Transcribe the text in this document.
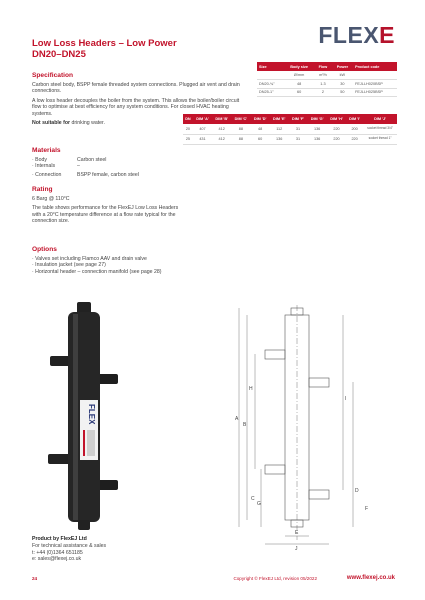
FLEXE
Low Loss Headers – Low Power
DN20–DN25
Specification
Carbon steel body, BSPP female threaded system connections. Plugged air vent and drain connections.
A low loss header decouples the boiler from the system. This allows the boiler/boiler circuit flow to optimise at best efficiency for any system conditions. For closed HVAC heating systems.
Not suitable for drinking water.
Materials
· Body	Carbon steel
· Internals	–
· Connection	BSPP female, carbon steel
Rating
6 Barg @ 110°C
The table shows performance for the FlexEJ Low Loss Headers with a 20°C temperature difference at a flow rate typical for the connection size.
Options
· Valves set including Flamco AAV and drain valve
· Insulation jacket (see page 27)
· Horizontal header – connection manifold (see page 28)
Size	Body size	Flow	Power	Product code
	Ø/mm	m³/h	kW	
DN20-¾"	48	1.3	30	FEJLLH020BSP
DN25-1"	60	2	50	FEJLLH025BSP
DN	DIM 'A'	DIM 'B'	DIM 'C'	DIM 'D'	DIM 'E'	DIM 'F'	DIM 'G'	DIM 'H'	DIM 'I'	DIM 'J'
20	407	412	88	48	112	31	136	220	200	socket thread 3/4"
25	431	412	88	60	136	31	136	220	220	socket thread 1"
FLEX	A
B
C
D
E
F
G
H
I
J
Product by FlexEJ Ltd
For technical assistance & sales
t: +44 (0)1364 651185
e: sales@flexej.co.uk
24	Copyright © FlexEJ Ltd, revision 05/2022	www.flexej.co.uk
